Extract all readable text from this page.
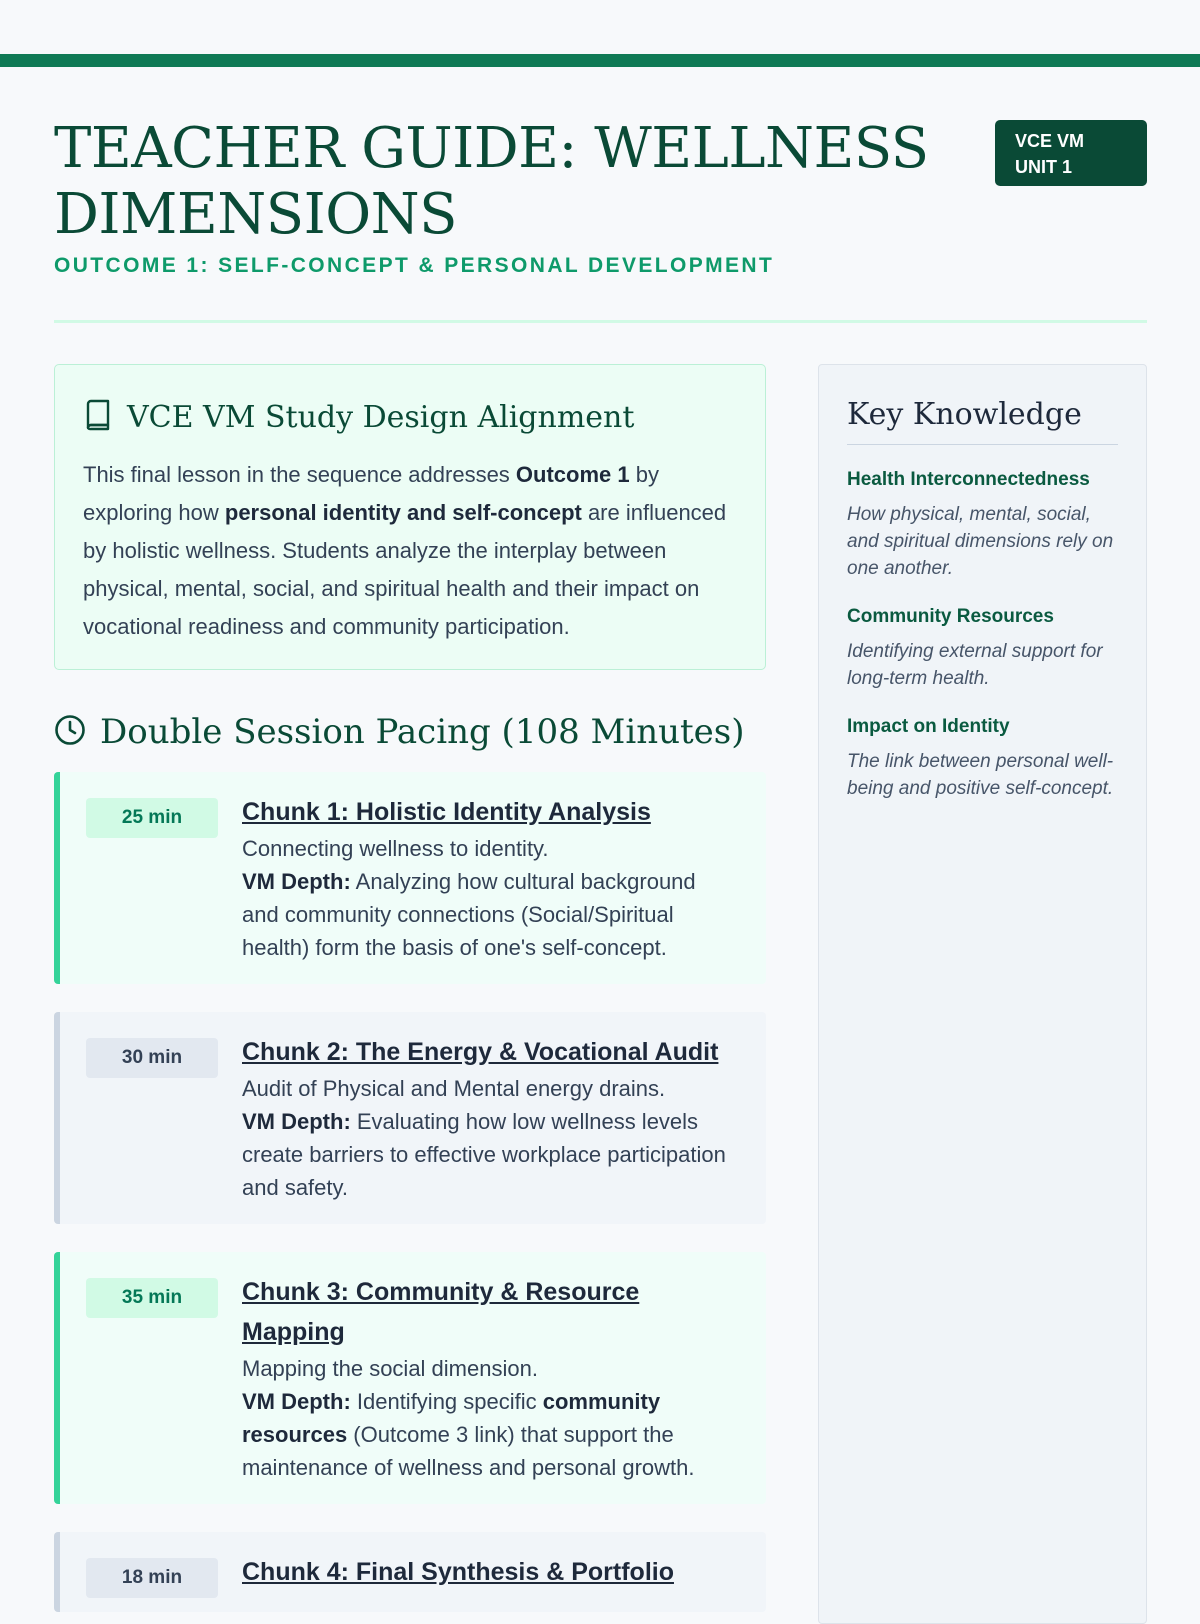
TEACHER GUIDE: WELLNESS DIMENSIONS
OUTCOME 1: SELF-CONCEPT & PERSONAL DEVELOPMENT
VCE VM
UNIT 1
VCE VM Study Design Alignment

This final lesson in the sequence addresses Outcome 1 by exploring how personal identity and self-concept are influenced by holistic wellness. Students analyze the interplay between physical, mental, social, and spiritual health and their impact on vocational readiness and community participation.

Double Session Pacing (108 Minutes)
25 min	Chunk 1: Holistic Identity Analysis
Connecting wellness to identity.
VM Depth: Analyzing how cultural background and community connections (Social/Spiritual health) form the basis of one's self-concept.
30 min	Chunk 2: The Energy & Vocational Audit
Audit of Physical and Mental energy drains.
VM Depth: Evaluating how low wellness levels create barriers to effective workplace participation and safety.
35 min	Chunk 3: Community & Resource Mapping
Mapping the social dimension.
VM Depth: Identifying specific community resources (Outcome 3 link) that support the maintenance of wellness and personal growth.
18 min	Chunk 4: Final Synthesis & Portfolio
Key Knowledge
Health Interconnectedness
How physical, mental, social, and spiritual dimensions rely on one another.
Community Resources
Identifying external support for long-term health.
Impact on Identity
The link between personal well-being and positive self-concept.
